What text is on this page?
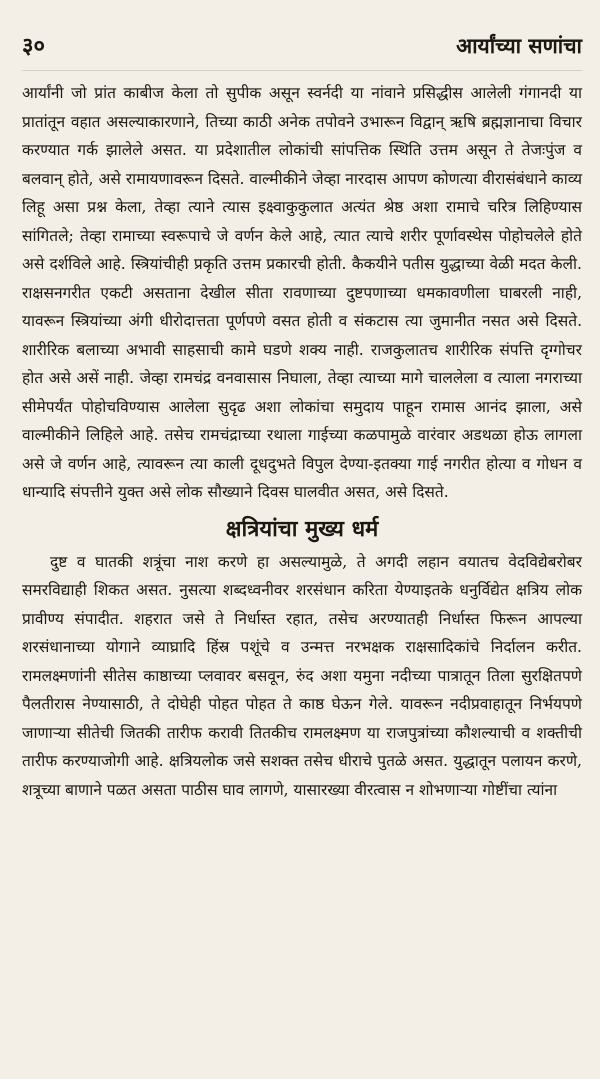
३०	आर्यांच्या सणांचा

आर्यांनी जो प्रांत काबीज केला तो सुपीक असून स्वर्नदी या नांवाने प्रसिद्धीस आलेली गंगानदी या प्रातांतून वहात असल्याकारणाने, तिच्या काठी अनेक तपोवने उभारून विद्वान् ऋषि ब्रह्मज्ञानाचा विचार करण्यात गर्क झालेले असत. या प्रदेशातील लोकांची सांपत्तिक स्थिति उत्तम असून ते तेजःपुंज व बलवान् होते, असे रामायणावरून दिसते. वाल्मीकीने जेव्हा नारदास आपण कोणत्या वीरासंबंधाने काव्य लिहू असा प्रश्न केला, तेव्हा त्याने त्यास इक्ष्वाकुकुलात अत्यंत श्रेष्ठ अशा रामाचे चरित्र लिहिण्यास सांगितले; तेव्हा रामाच्या स्वरूपाचे जे वर्णन केले आहे, त्यात त्याचे शरीर पूर्णावस्थेस पोहोचलेले होते असे दर्शविले आहे. स्त्रियांचीही प्रकृति उत्तम प्रकारची होती. कैकयीने पतीस युद्धाच्या वेळी मदत केली. राक्षसनगरीत एकटी असताना देखील सीता रावणाच्या दुष्टपणाच्या धमकावणीला घाबरली नाही, यावरून स्त्रियांच्या अंगी धीरोदात्तता पूर्णपणे वसत होती व संकटास त्या जुमानीत नसत असे दिसते. शारीरिक बलाच्या अभावी साहसाची कामे घडणे शक्य नाही. राजकुलातच शारीरिक संपत्ति दृग्गोचर होत असे असें नाही. जेव्हा रामचंद्र वनवासास निघाला, तेव्हा त्याच्या मागे चाललेला व त्याला नगराच्या सीमेपर्यंत पोहोचविण्यास आलेला सुदृढ अशा लोकांचा समुदाय पाहून रामास आनंद झाला, असे वाल्मीकीने लिहिले आहे. तसेच रामचंद्राच्या रथाला गाईच्या कळपामुळे वारंवार अडथळा होऊ लागला असे जे वर्णन आहे, त्यावरून त्या काली दूधदुभते विपुल देण्या-इतक्या गाई नगरीत होत्या व गोधन व धान्यादि संपत्तीने युक्त असे लोक सौख्याने दिवस घालवीत असत, असे दिसते.

क्षत्रियांचा मुख्य धर्म

दुष्ट व घातकी शत्रूंचा नाश करणे हा असल्यामुळे, ते अगदी लहान वयातच वेदविद्येबरोबर समरविद्याही शिकत असत. नुसत्या शब्दध्वनीवर शरसंधान करिता येण्याइतके धनुर्विद्येत क्षत्रिय लोक प्रावीण्य संपादीत. शहरात जसे ते निर्धास्त रहात, तसेच अरण्यातही निर्धास्त फिरून आपल्या शरसंधानाच्या योगाने व्याघ्रादि हिंस्र पशूंचे व उन्मत्त नरभक्षक राक्षसादिकांचे निर्दालन करीत. रामलक्ष्मणांनी सीतेस काष्ठाच्या प्लवावर बसवून, रुंद अशा यमुना नदीच्या पात्रातून तिला सुरक्षितपणे पैलतीरास नेण्यासाठी, ते दोघेही पोहत पोहत ते काष्ठ घेऊन गेले. यावरून नदीप्रवाहातून निर्भयपणे जाणाऱ्या सीतेची जितकी तारीफ करावी तितकीच रामलक्ष्मण या राजपुत्रांच्या कौशल्याची व शक्तीची तारीफ करण्याजोगी आहे. क्षत्रियलोक जसे सशक्त तसेच धीराचे पुतळे असत. युद्धातून पलायन करणे, शत्रूच्या बाणाने पळत असता पाठीस घाव लागणे, यासारख्या वीरत्वास न शोभणाऱ्या गोष्टींचा त्यांना
